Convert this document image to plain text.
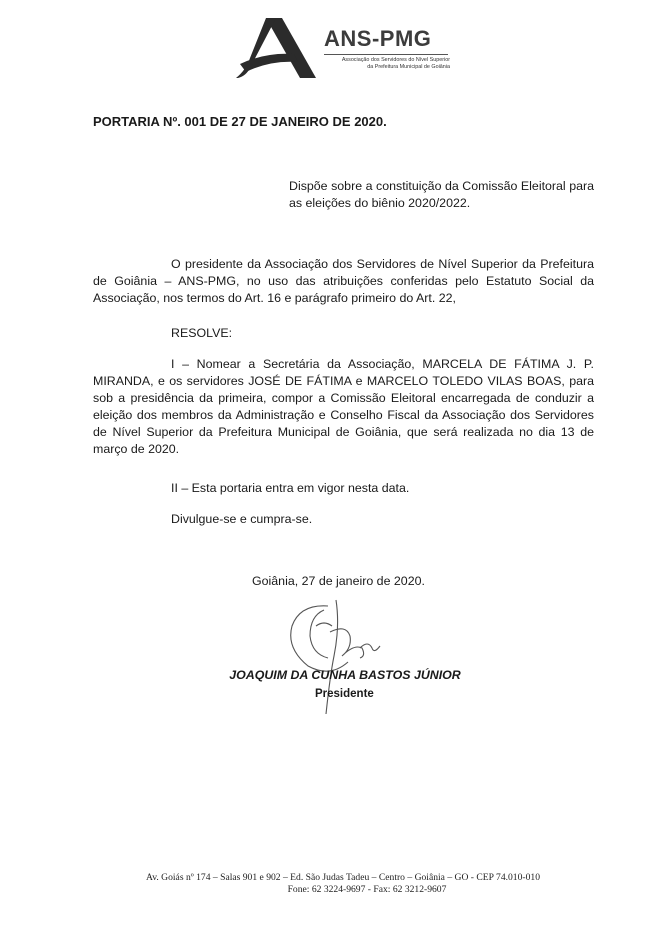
ANS-PMG
Associação dos Servidores do Nível Superior
da Prefeitura Municipal de Goiânia
PORTARIA Nº. 001 DE 27 DE JANEIRO DE 2020.
Dispõe sobre a constituição da Comissão Eleitoral para as eleições do biênio 2020/2022.

O presidente da Associação dos Servidores de Nível Superior da Prefeitura de Goiânia – ANS-PMG, no uso das atribuições conferidas pelo Estatuto Social da Associação, nos termos do Art. 16 e parágrafo primeiro do Art. 22,

RESOLVE:

I – Nomear a Secretária da Associação, MARCELA DE FÁTIMA J. P. MIRANDA, e os servidores JOSÉ DE FÁTIMA e MARCELO TOLEDO VILAS BOAS, para sob a presidência da primeira, compor a Comissão Eleitoral encarregada de conduzir a eleição dos membros da Administração e Conselho Fiscal da Associação dos Servidores de Nível Superior da Prefeitura Municipal de Goiânia, que será realizada no dia 13 de março de 2020.

II – Esta portaria entra em vigor nesta data.
Divulgue-se e cumpra-se.
Goiânia, 27 de janeiro de 2020.
JOAQUIM DA CUNHA BASTOS JÚNIOR
Presidente
Av. Goiás nº 174 – Salas 901 e 902 – Ed. São Judas Tadeu – Centro – Goiânia – GO - CEP 74.010-010
Fone: 62 3224-9697 - Fax: 62 3212-9607
